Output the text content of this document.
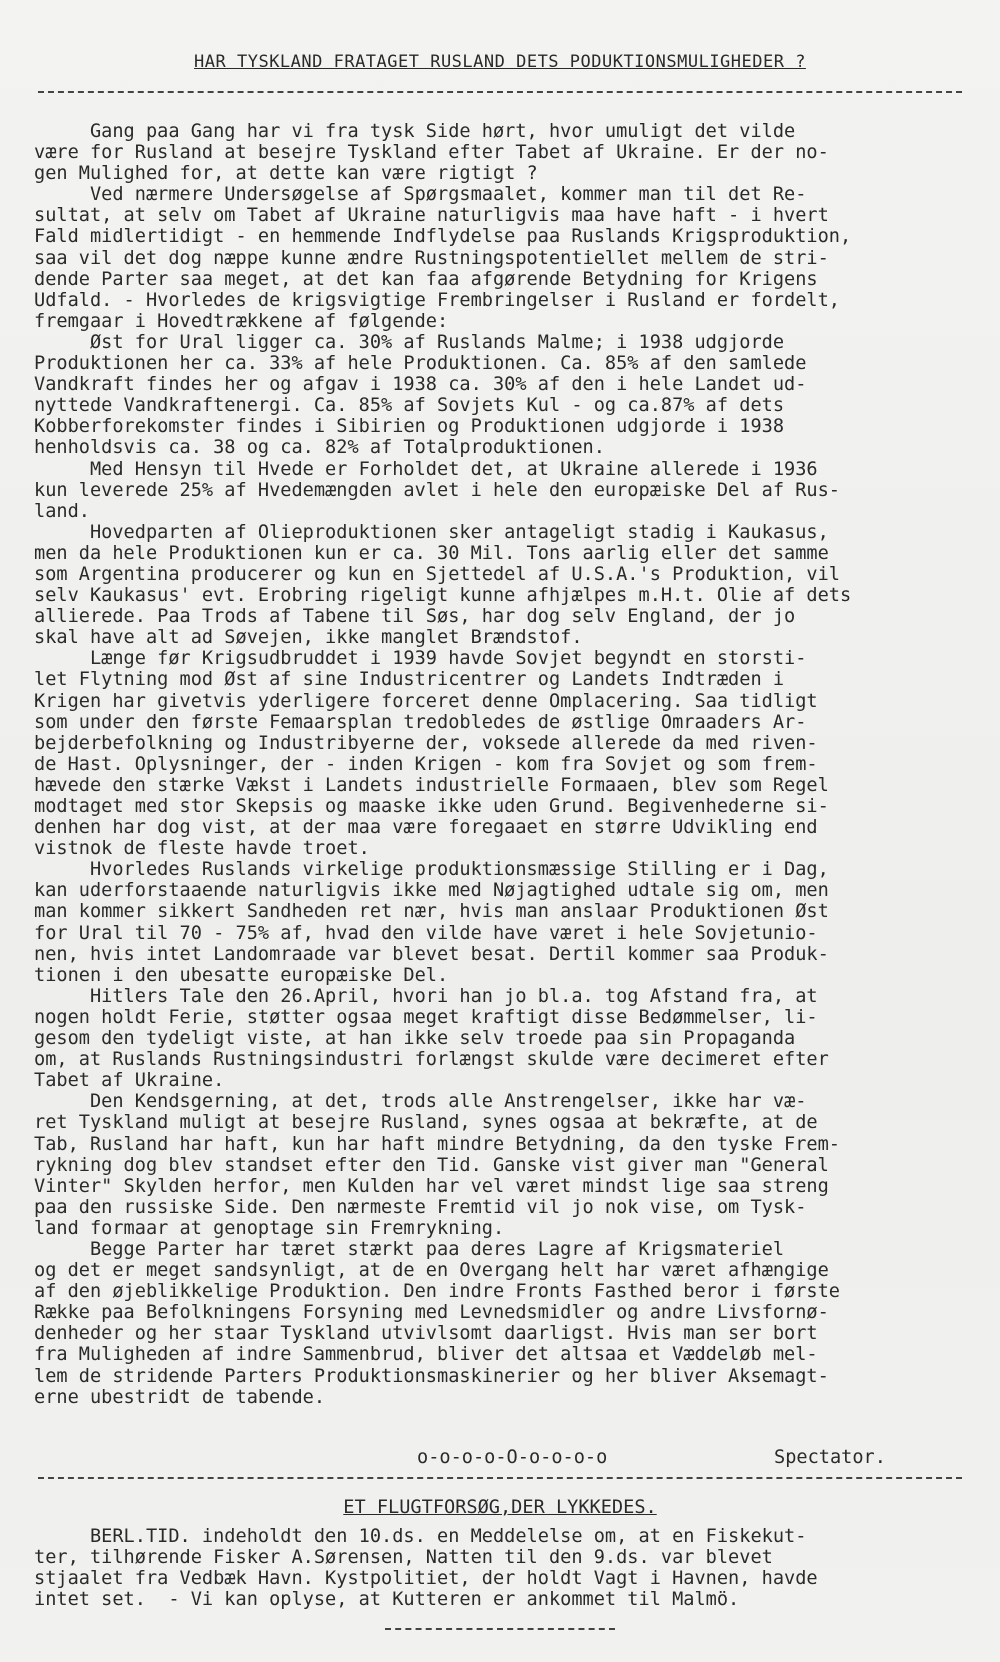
HAR TYSKLAND FRATAGET RUSLAND DETS PODUKTIONSMULIGHEDER ?
Gang paa Gang har vi fra tysk Side hørt, hvor umuligt det vilde
være for Rusland at besejre Tyskland efter Tabet af Ukraine. Er der no-
gen Mulighed for, at dette kan være rigtigt ?
Ved nærmere Undersøgelse af Spørgsmaalet, kommer man til det Re-
sultat, at selv om Tabet af Ukraine naturligvis maa have haft - i hvert
Fald midlertidigt - en hemmende Indflydelse paa Ruslands Krigsproduktion,
saa vil det dog næppe kunne ændre Rustningspotentiellet mellem de stri-
dende Parter saa meget, at det kan faa afgørende Betydning for Krigens
Udfald. - Hvorledes de krigsvigtige Frembringelser i Rusland er fordelt,
fremgaar i Hovedtrækkene af følgende:
Øst for Ural ligger ca. 30% af Ruslands Malme; i 1938 udgjorde
Produktionen her ca. 33% af hele Produktionen. Ca. 85% af den samlede
Vandkraft findes her og afgav i 1938 ca. 30% af den i hele Landet ud-
nyttede Vandkraftenergi. Ca. 85% af Sovjets Kul - og ca.87% af dets
Kobberforekomster findes i Sibirien og Produktionen udgjorde i 1938
henholdsvis ca. 38 og ca. 82% af Totalproduktionen.
Med Hensyn til Hvede er Forholdet det, at Ukraine allerede i 1936
kun leverede 25% af Hvedemængden avlet i hele den europæiske Del af Rus-
land.
Hovedparten af Olieproduktionen sker antageligt stadig i Kaukasus,
men da hele Produktionen kun er ca. 30 Mil. Tons aarlig eller det samme
som Argentina producerer og kun en Sjettedel af U.S.A.'s Produktion, vil
selv Kaukasus' evt. Erobring rigeligt kunne afhjælpes m.H.t. Olie af dets
allierede. Paa Trods af Tabene til Søs, har dog selv England, der jo
skal have alt ad Søvejen, ikke manglet Brændstof.
Længe før Krigsudbruddet i 1939 havde Sovjet begyndt en storsti-
let Flytning mod Øst af sine Industricentrer og Landets Indtræden i
Krigen har givetvis yderligere forceret denne Omplacering. Saa tidligt
som under den første Femaarsplan tredobledes de østlige Omraaders Ar-
bejderbefolkning og Industribyerne der, voksede allerede da med riven-
de Hast. Oplysninger, der - inden Krigen - kom fra Sovjet og som frem-
hævede den stærke Vækst i Landets industrielle Formaaen, blev som Regel
modtaget med stor Skepsis og maaske ikke uden Grund. Begivenhederne si-
denhen har dog vist, at der maa være foregaaet en større Udvikling end
vistnok de fleste havde troet.
Hvorledes Ruslands virkelige produktionsmæssige Stilling er i Dag,
kan uderforstaaende naturligvis ikke med Nøjagtighed udtale sig om, men
man kommer sikkert Sandheden ret nær, hvis man anslaar Produktionen Øst
for Ural til 70 - 75% af, hvad den vilde have været i hele Sovjetunio-
nen, hvis intet Landomraade var blevet besat. Dertil kommer saa Produk-
tionen i den ubesatte europæiske Del.
Hitlers Tale den 26.April, hvori han jo bl.a. tog Afstand fra, at
nogen holdt Ferie, støtter ogsaa meget kraftigt disse Bedømmelser, li-
gesom den tydeligt viste, at han ikke selv troede paa sin Propaganda
om, at Ruslands Rustningsindustri forlængst skulde være decimeret efter
Tabet af Ukraine.
Den Kendsgerning, at det, trods alle Anstrengelser, ikke har væ-
ret Tyskland muligt at besejre Rusland, synes ogsaa at bekræfte, at de
Tab, Rusland har haft, kun har haft mindre Betydning, da den tyske Frem-
rykning dog blev standset efter den Tid. Ganske vist giver man "General
Vinter" Skylden herfor, men Kulden har vel været mindst lige saa streng
paa den russiske Side. Den nærmeste Fremtid vil jo nok vise, om Tysk-
land formaar at genoptage sin Fremrykning.
Begge Parter har tæret stærkt paa deres Lagre af Krigsmateriel
og det er meget sandsynligt, at de en Overgang helt har været afhængige
af den øjeblikkelige Produktion. Den indre Fronts Fasthed beror i første
Række paa Befolkningens Forsyning med Levnedsmidler og andre Livsfornø-
denheder og her staar Tyskland utvivlsomt daarligst. Hvis man ser bort
fra Muligheden af indre Sammenbrud, bliver det altsaa et Væddeløb mel-
lem de stridende Parters Produktionsmaskinerier og her bliver Aksemagt-
erne ubestridt de tabende.
o-o-o-o-O-o-o-o-o	Spectator.
ET FLUGTFORSØG,DER LYKKEDES.
BERL.TID. indeholdt den 10.ds. en Meddelelse om, at en Fiskekut-
ter, tilhørende Fisker A.Sørensen, Natten til den 9.ds. var blevet
stjaalet fra Vedbæk Havn. Kystpolitiet, der holdt Vagt i Havnen, havde
intet set.  - Vi kan oplyse, at Kutteren er ankommet til Malmö.
